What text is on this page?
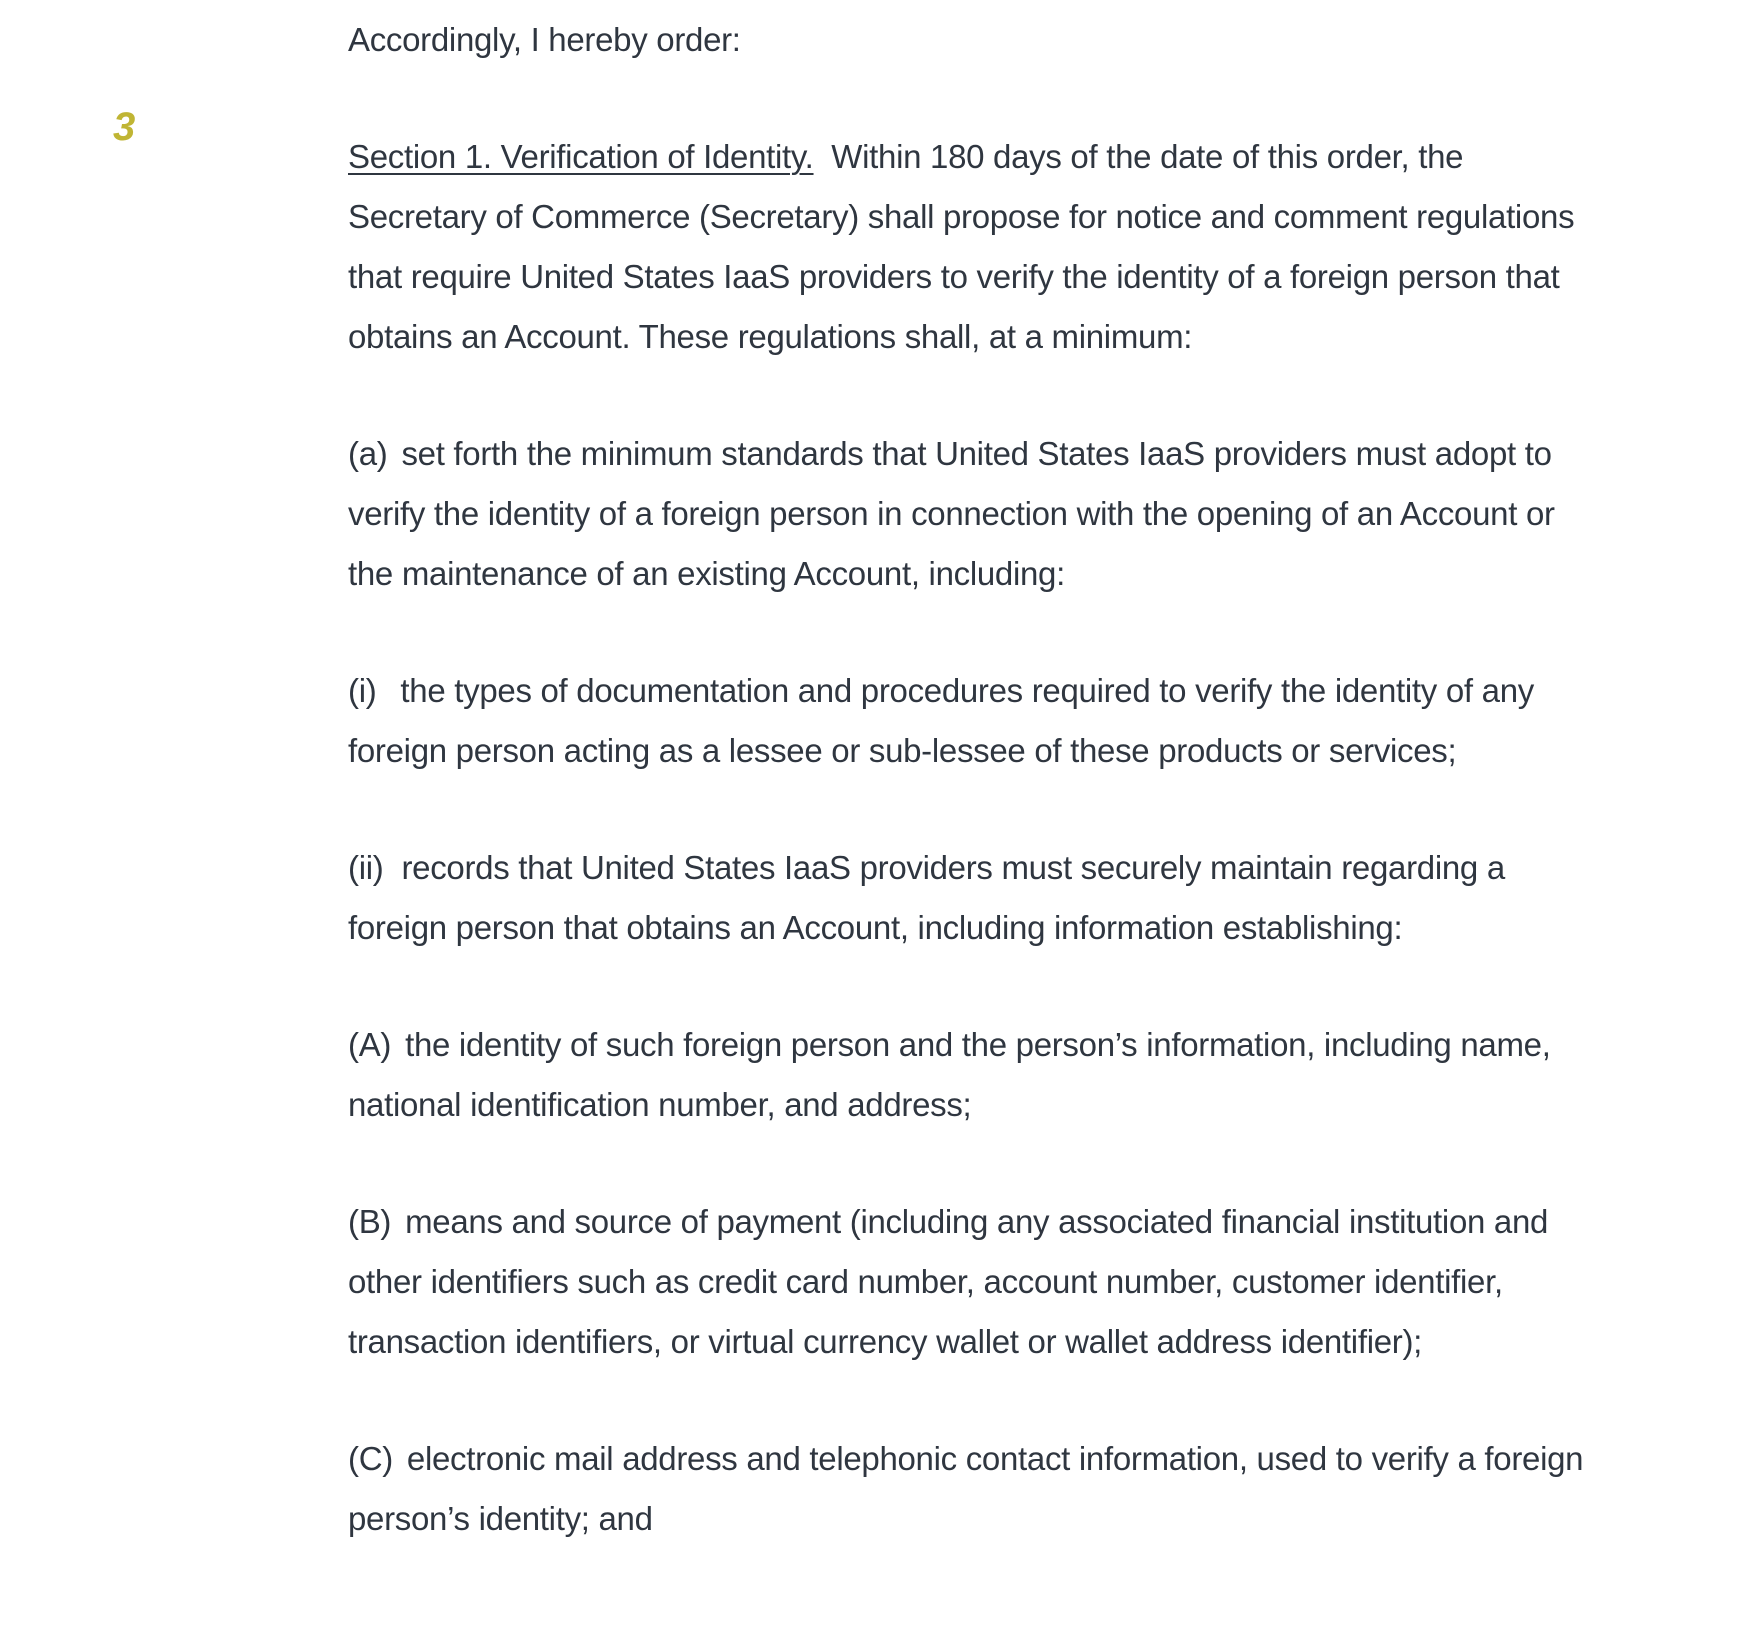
3

Accordingly, I hereby order:

Section 1. Verification of Identity. Within 180 days of the date of this order, the Secretary of Commerce (Secretary) shall propose for notice and comment regulations that require United States IaaS providers to verify the identity of a foreign person that obtains an Account. These regulations shall, at a minimum:

(a) set forth the minimum standards that United States IaaS providers must adopt to verify the identity of a foreign person in connection with the opening of an Account or the maintenance of an existing Account, including:

(i) the types of documentation and procedures required to verify the identity of any foreign person acting as a lessee or sub-lessee of these products or services;

(ii) records that United States IaaS providers must securely maintain regarding a foreign person that obtains an Account, including information establishing:

(A) the identity of such foreign person and the person’s information, including name, national identification number, and address;

(B) means and source of payment (including any associated financial institution and other identifiers such as credit card number, account number, customer identifier, transaction identifiers, or virtual currency wallet or wallet address identifier);

(C) electronic mail address and telephonic contact information, used to verify a foreign person’s identity; and
